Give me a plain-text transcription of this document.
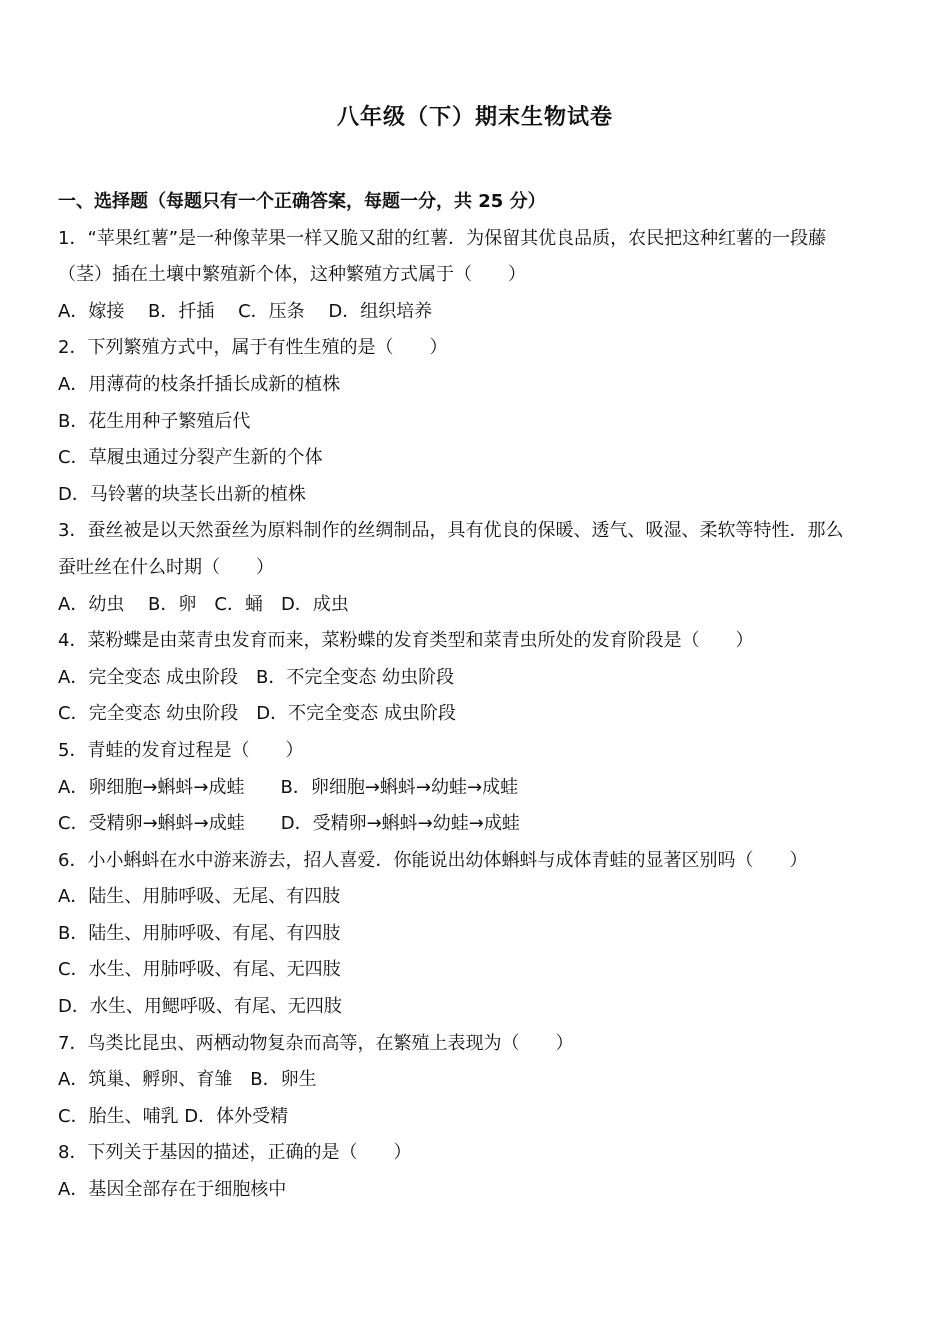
八年级（下）期末生物试卷
一、选择题（每题只有一个正确答案，每题一分，共 25 分）
1．“苹果红薯”是一种像苹果一样又脆又甜的红薯．为保留其优良品质，农民把这种红薯的一段藤
（茎）插在土壤中繁殖新个体，这种繁殖方式属于（　　）
A．嫁接　 B．扦插　 C．压条　 D．组织培养
2．下列繁殖方式中，属于有性生殖的是（　　）
A．用薄荷的枝条扦插长成新的植株
B．花生用种子繁殖后代
C．草履虫通过分裂产生新的个体
D．马铃薯的块茎长出新的植株
3．蚕丝被是以天然蚕丝为原料制作的丝绸制品，具有优良的保暖、透气、吸湿、柔软等特性．那么
蚕吐丝在什么时期（　　）
A．幼虫　 B．卵　C．蛹　D．成虫
4．菜粉蝶是由菜青虫发育而来，菜粉蝶的发育类型和菜青虫所处的发育阶段是（　　）
A．完全变态 成虫阶段　B．不完全变态 幼虫阶段
C．完全变态 幼虫阶段　D．不完全变态 成虫阶段
5．青蛙的发育过程是（　　）
A．卵细胞→蝌蚪→成蛙　　B．卵细胞→蝌蚪→幼蛙→成蛙
C．受精卵→蝌蚪→成蛙　　D．受精卵→蝌蚪→幼蛙→成蛙
6．小小蝌蚪在水中游来游去，招人喜爱．你能说出幼体蝌蚪与成体青蛙的显著区别吗（　　）
A．陆生、用肺呼吸、无尾、有四肢
B．陆生、用肺呼吸、有尾、有四肢
C．水生、用肺呼吸、有尾、无四肢
D．水生、用鳃呼吸、有尾、无四肢
7．鸟类比昆虫、两栖动物复杂而高等，在繁殖上表现为（　　）
A．筑巢、孵卵、育雏　B．卵生
C．胎生、哺乳 D．体外受精
8．下列关于基因的描述，正确的是（　　）
A．基因全部存在于细胞核中
